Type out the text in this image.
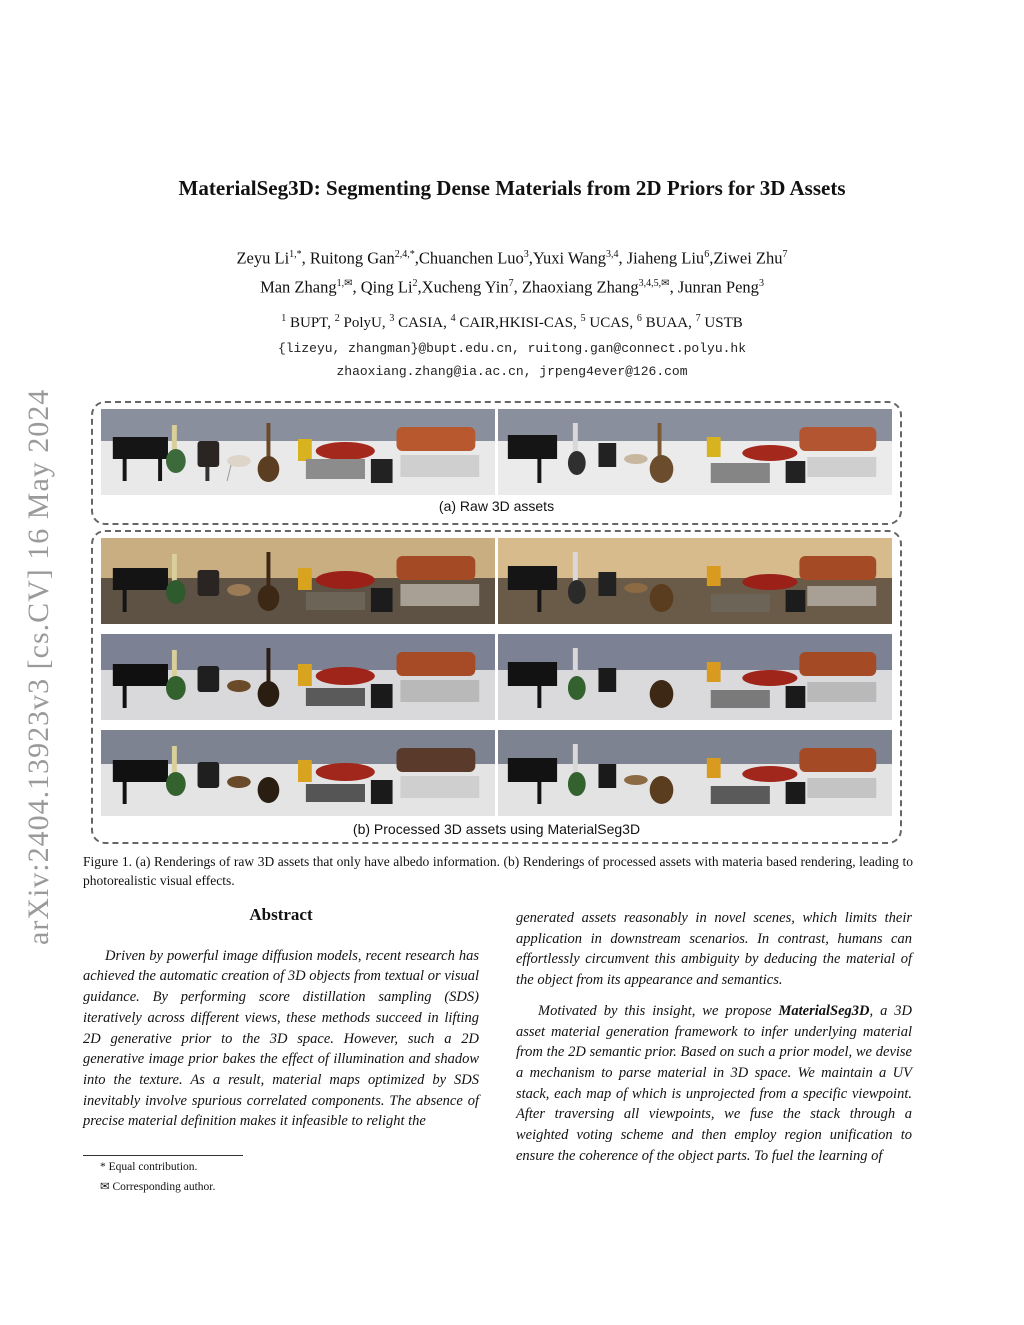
arXiv:2404.13923v3 [cs.CV] 16 May 2024
MaterialSeg3D: Segmenting Dense Materials from 2D Priors for 3D Assets
Zeyu $Li^{1,*}$, Ruitong Gan$^{2,4,*}$,Chuanchen Luo$^3$,Yuxi Wang$^{3,4}$, Jiaheng Liu$^6$,Ziwei Zhu$^7$
Man Zhang$^{1,✉}$, Qing Li$^2$,Xucheng Yin$^7$, Zhaoxiang Zhang$^{3,4,5,✉}$, Junran Peng$^3$
$^1$ BUPT, $^2$ PolyU, $^3$ CASIA, $^4$ CAIR,HKISI-CAS, $^5$ UCAS, $^6$ BUAA, $^7$ USTB
{lizeyu, zhangman}@bupt.edu.cn, ruitong.gan@connect.polyu.hk
zhaoxiang.zhang@ia.ac.cn, jrpeng4ever@126.com
(a) Raw 3D assets
(b) Processed 3D assets using MaterialSeg3D
Figure 1. (a) Renderings of raw 3D assets that only have albedo information. (b) Renderings of processed assets with materia based rendering, leading to photorealistic visual effects.
Abstract
Driven by powerful image diffusion models, recent research has achieved the automatic creation of 3D objects from textual or visual guidance. By performing score distillation sampling (SDS) iteratively across different views, these methods succeed in lifting 2D generative prior to the 3D space. However, such a 2D generative image prior bakes the effect of illumination and shadow into the texture. As a result, material maps optimized by SDS inevitably involve spurious correlated components. The absence of precise material definition makes it infeasible to relight the
generated assets reasonably in novel scenes, which limits their application in downstream scenarios. In contrast, humans can effortlessly circumvent this ambiguity by deducing the material of the object from its appearance and semantics.
Motivated by this insight, we propose MaterialSeg3D, a 3D asset material generation framework to infer underlying material from the 2D semantic prior. Based on such a prior model, we devise a mechanism to parse material in 3D space. We maintain a UV stack, each map of which is unprojected from a specific viewpoint. After traversing all viewpoints, we fuse the stack through a weighted voting scheme and then employ region unification to ensure the coherence of the object parts. To fuel the learning of
* Equal contribution.
✉ Corresponding author.
